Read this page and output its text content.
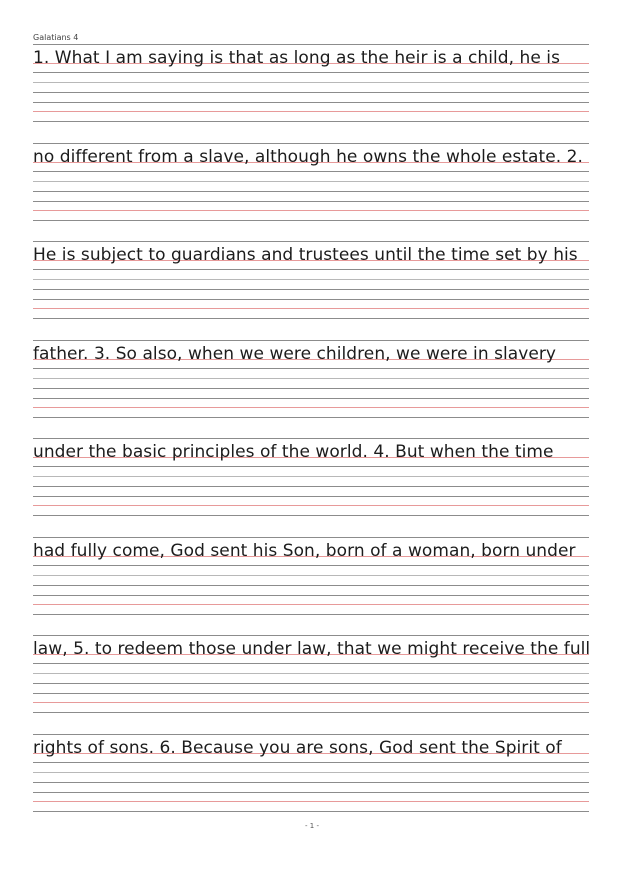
Galatians 4
1. What I am saying is that as long as the heir is a child, he is
no different from a slave, although he owns the whole estate. 2.
He is subject to guardians and trustees until the time set by his
father. 3. So also, when we were children, we were in slavery
under the basic principles of the world. 4. But when the time
had fully come, God sent his Son, born of a woman, born under
law, 5. to redeem those under law, that we might receive the full
rights of sons. 6. Because you are sons, God sent the Spirit of
- 1 -
